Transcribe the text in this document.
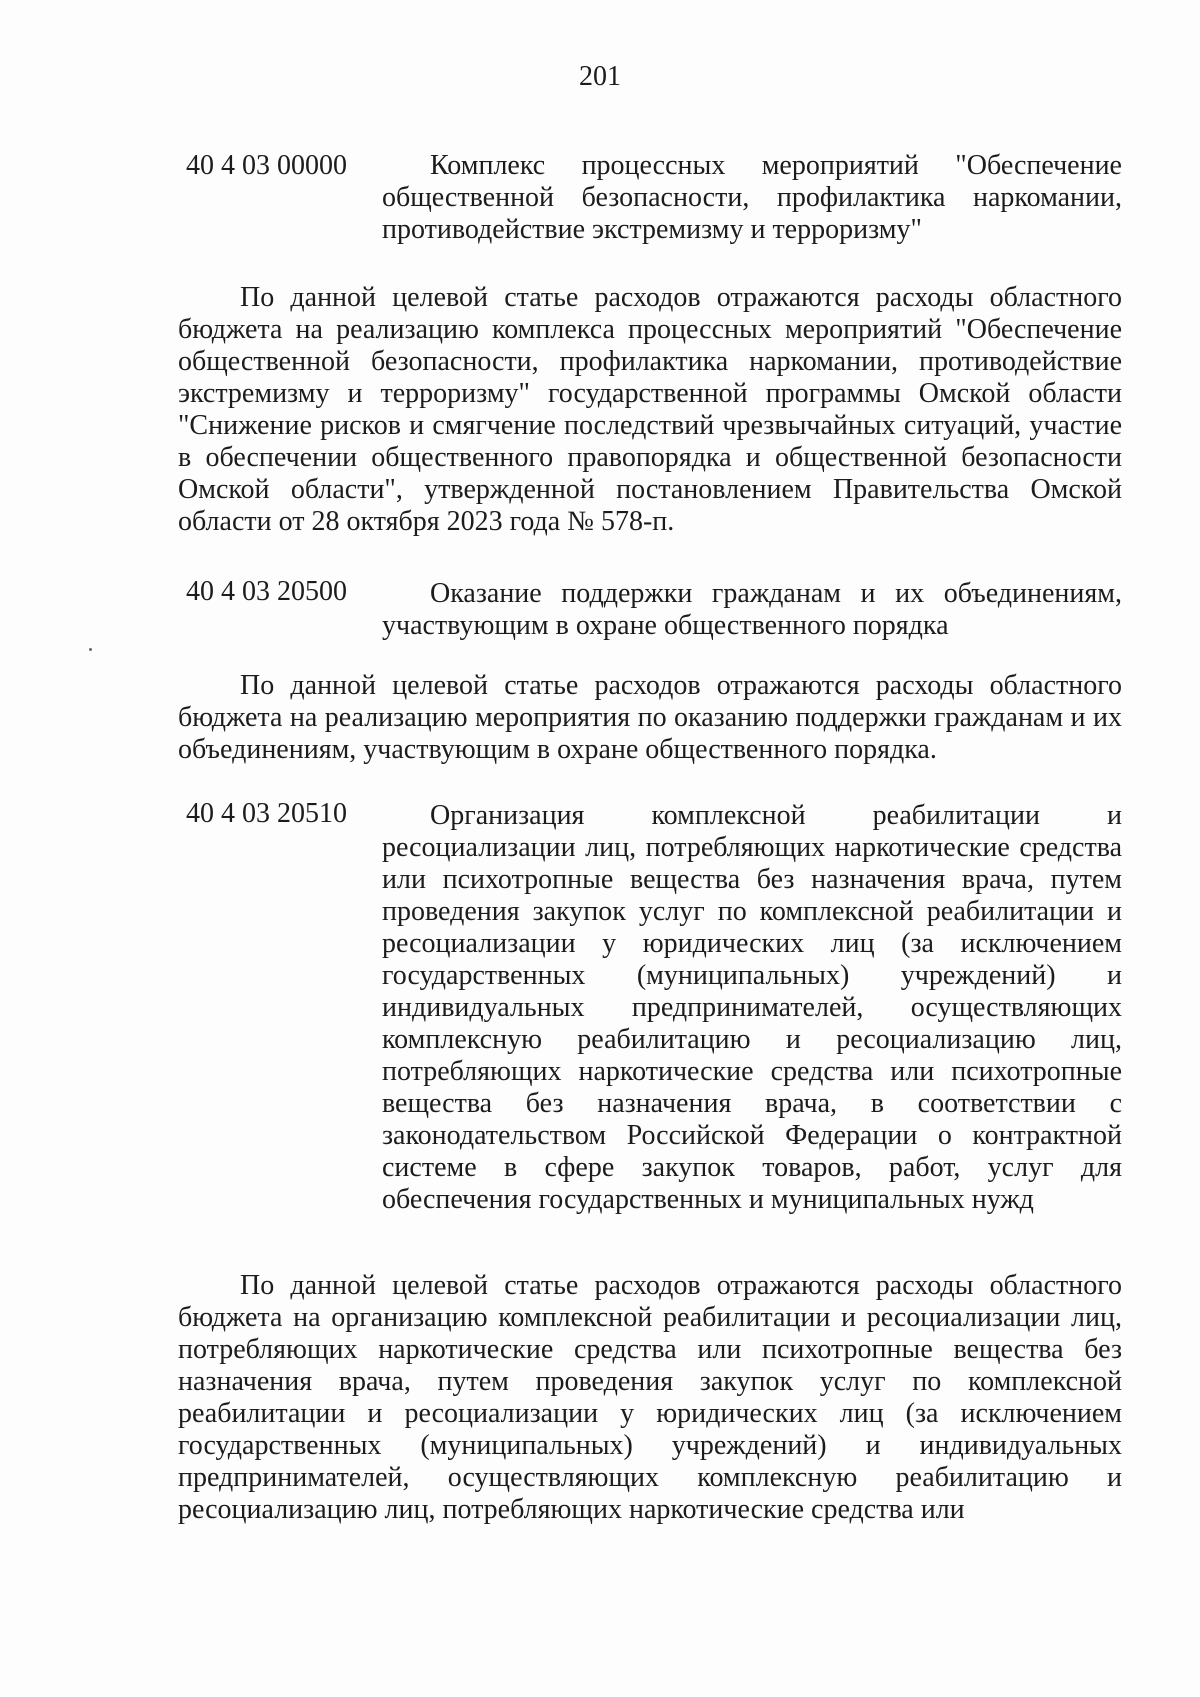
201
40 4 03 00000	Комплекс процессных мероприятий "Обеспечение общественной безопасности, профилактика наркомании, противодействие экстремизму и терроризму"
По данной целевой статье расходов отражаются расходы областного бюджета на реализацию комплекса процессных мероприятий "Обеспечение общественной безопасности, профилактика наркомании, противодействие экстремизму и терроризму" государственной программы Омской области "Снижение рисков и смягчение последствий чрезвычайных ситуаций, участие в обеспечении общественного правопорядка и общественной безопасности Омской области", утвержденной постановлением Правительства Омской области от 28 октября 2023 года № 578-п.
40 4 03 20500	Оказание поддержки гражданам и их объединениям, участвующим в охране общественного порядка
По данной целевой статье расходов отражаются расходы областного бюджета на реализацию мероприятия по оказанию поддержки гражданам и их объединениям, участвующим в охране общественного порядка.
40 4 03 20510	Организация комплексной реабилитации и ресоциализации лиц, потребляющих наркотические средства или психотропные вещества без назначения врача, путем проведения закупок услуг по комплексной реабилитации и ресоциализации у юридических лиц (за исключением государственных (муниципальных) учреждений) и индивидуальных предпринимателей, осуществляющих комплексную реабилитацию и ресоциализацию лиц, потребляющих наркотические средства или психотропные вещества без назначения врача, в соответствии с законодательством Российской Федерации о контрактной системе в сфере закупок товаров, работ, услуг для обеспечения государственных и муниципальных нужд
По данной целевой статье расходов отражаются расходы областного бюджета на организацию комплексной реабилитации и ресоциализации лиц, потребляющих наркотические средства или психотропные вещества без назначения врача, путем проведения закупок услуг по комплексной реабилитации и ресоциализации у юридических лиц (за исключением государственных (муниципальных) учреждений) и индивидуальных предпринимателей, осуществляющих комплексную реабилитацию и ресоциализацию лиц, потребляющих наркотические средства или
